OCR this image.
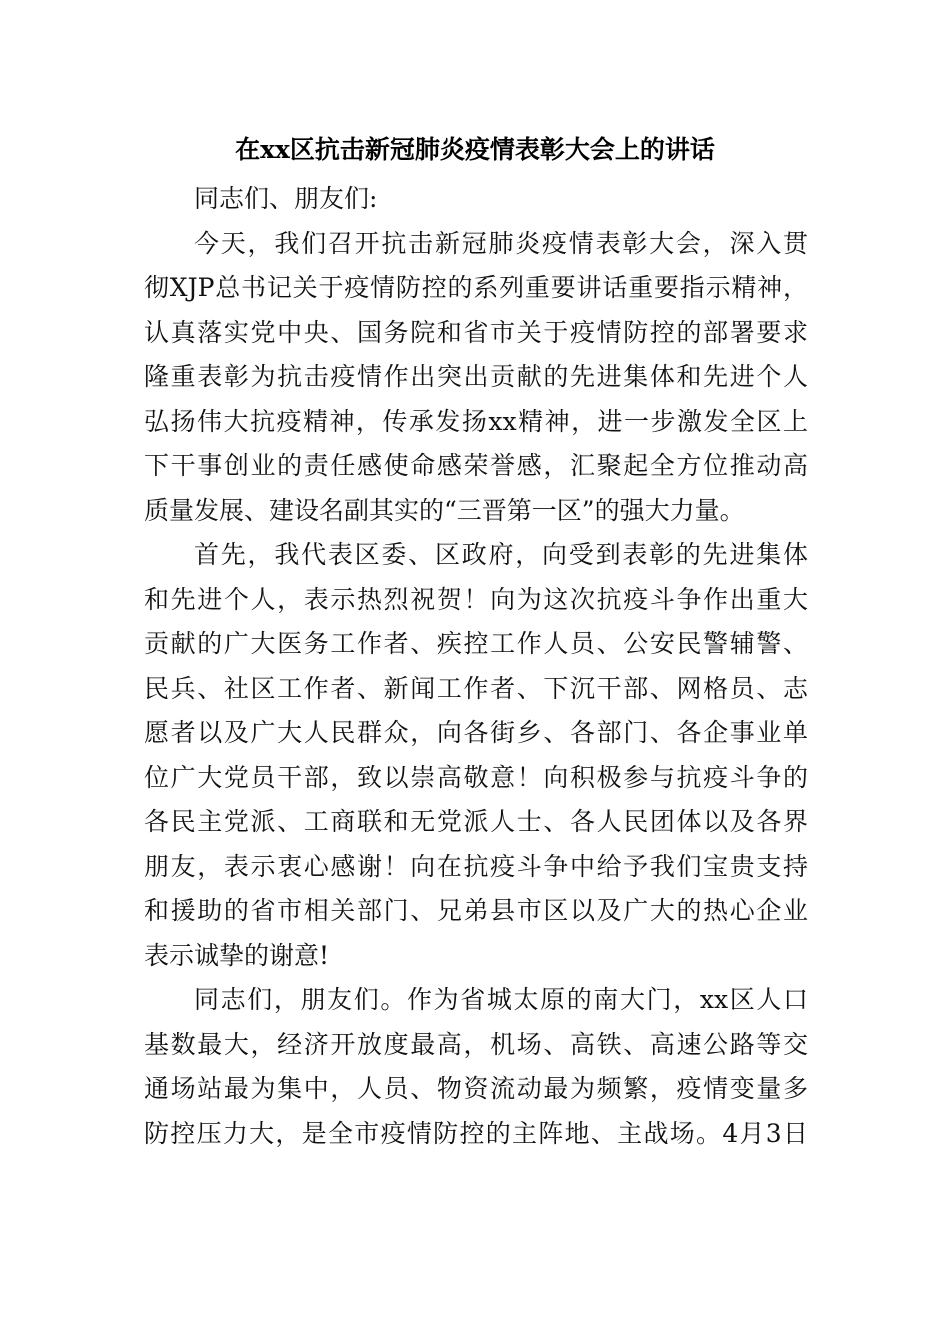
在xx区抗击新冠肺炎疫情表彰大会上的讲话
同志们、朋友们:
今天，我们召开抗击新冠肺炎疫情表彰大会，深入贯
彻XJP总书记关于疫情防控的系列重要讲话重要指示精神，
认真落实党中央、国务院和省市关于疫情防控的部署要求
隆重表彰为抗击疫情作出突出贡献的先进集体和先进个人
弘扬伟大抗疫精神，传承发扬xx精神，进一步激发全区上
下干事创业的责任感使命感荣誉感，汇聚起全方位推动高
质量发展、建设名副其实的“三晋第一区”的强大力量。
首先，我代表区委、区政府，向受到表彰的先进集体
和先进个人，表示热烈祝贺！向为这次抗疫斗争作出重大
贡献的广大医务工作者、疾控工作人员、公安民警辅警、
民兵、社区工作者、新闻工作者、下沉干部、网格员、志
愿者以及广大人民群众，向各街乡、各部门、各企事业单
位广大党员干部，致以崇高敬意！向积极参与抗疫斗争的
各民主党派、工商联和无党派人士、各人民团体以及各界
朋友，表示衷心感谢！向在抗疫斗争中给予我们宝贵支持
和援助的省市相关部门、兄弟县市区以及广大的热心企业
表示诚挚的谢意!
同志们，朋友们。作为省城太原的南大门，xx区人口
基数最大，经济开放度最高，机场、高铁、高速公路等交
通场站最为集中，人员、物资流动最为频繁，疫情变量多
防控压力大，是全市疫情防控的主阵地、主战场。4月3日
